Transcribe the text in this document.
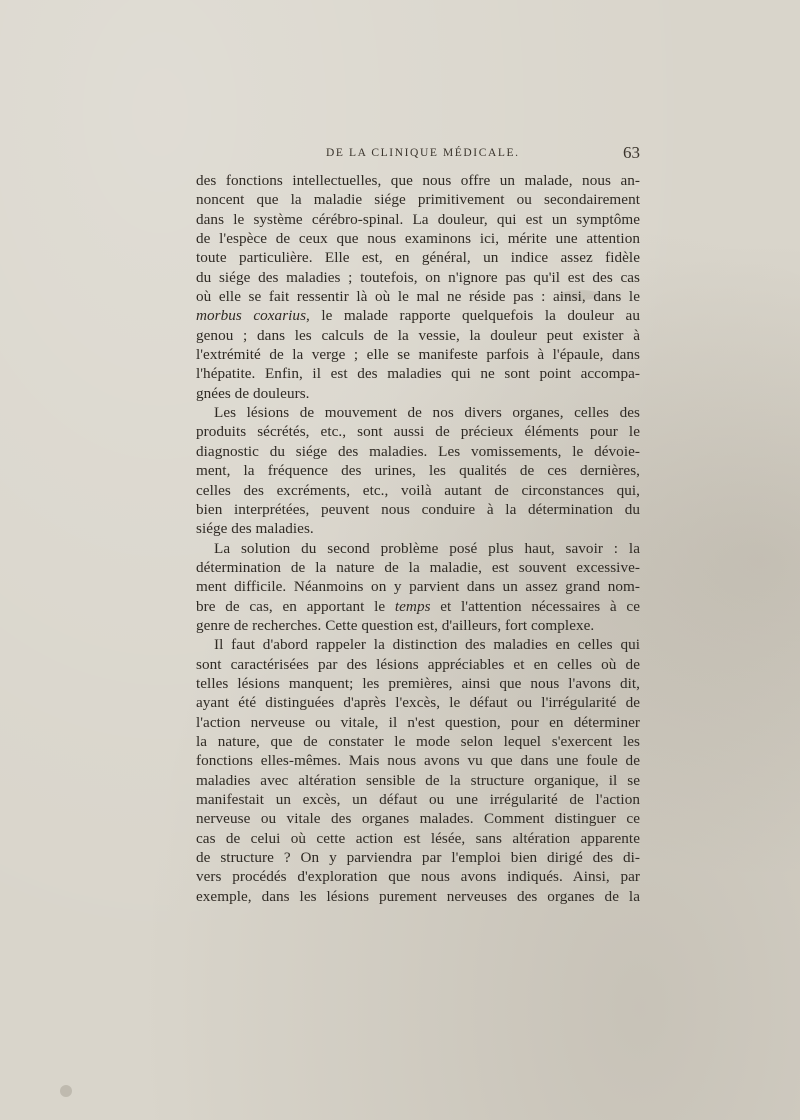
DE LA CLINIQUE MÉDICALE.	63
des fonctions intellectuelles, que nous offre un malade, nous an-
noncent que la maladie siége primitivement ou secondairement
dans le système cérébro-spinal. La douleur, qui est un symptôme
de l'espèce de ceux que nous examinons ici, mérite une attention
toute particulière. Elle est, en général, un indice assez fidèle
du siége des maladies ; toutefois, on n'ignore pas qu'il est des cas
où elle se fait ressentir là où le mal ne réside pas : ainsi, dans le
morbus coxarius, le malade rapporte quelquefois la douleur au
genou ; dans les calculs de la vessie, la douleur peut exister à
l'extrémité de la verge ; elle se manifeste parfois à l'épaule, dans
l'hépatite. Enfin, il est des maladies qui ne sont point accompa-
gnées de douleurs.
Les lésions de mouvement de nos divers organes, celles des
produits sécrétés, etc., sont aussi de précieux éléments pour le
diagnostic du siége des maladies. Les vomissements, le dévoie-
ment, la fréquence des urines, les qualités de ces dernières,
celles des excréments, etc., voilà autant de circonstances qui,
bien interprétées, peuvent nous conduire à la détermination du
siége des maladies.
La solution du second problème posé plus haut, savoir : la
détermination de la nature de la maladie, est souvent excessive-
ment difficile. Néanmoins on y parvient dans un assez grand nom-
bre de cas, en apportant le temps et l'attention nécessaires à ce
genre de recherches. Cette question est, d'ailleurs, fort complexe.
Il faut d'abord rappeler la distinction des maladies en celles qui
sont caractérisées par des lésions appréciables et en celles où de
telles lésions manquent; les premières, ainsi que nous l'avons dit,
ayant été distinguées d'après l'excès, le défaut ou l'irrégularité de
l'action nerveuse ou vitale, il n'est question, pour en déterminer
la nature, que de constater le mode selon lequel s'exercent les
fonctions elles-mêmes. Mais nous avons vu que dans une foule de
maladies avec altération sensible de la structure organique, il se
manifestait un excès, un défaut ou une irrégularité de l'action
nerveuse ou vitale des organes malades. Comment distinguer ce
cas de celui où cette action est lésée, sans altération apparente
de structure ? On y parviendra par l'emploi bien dirigé des di-
vers procédés d'exploration que nous avons indiqués. Ainsi, par
exemple, dans les lésions purement nerveuses des organes de la
